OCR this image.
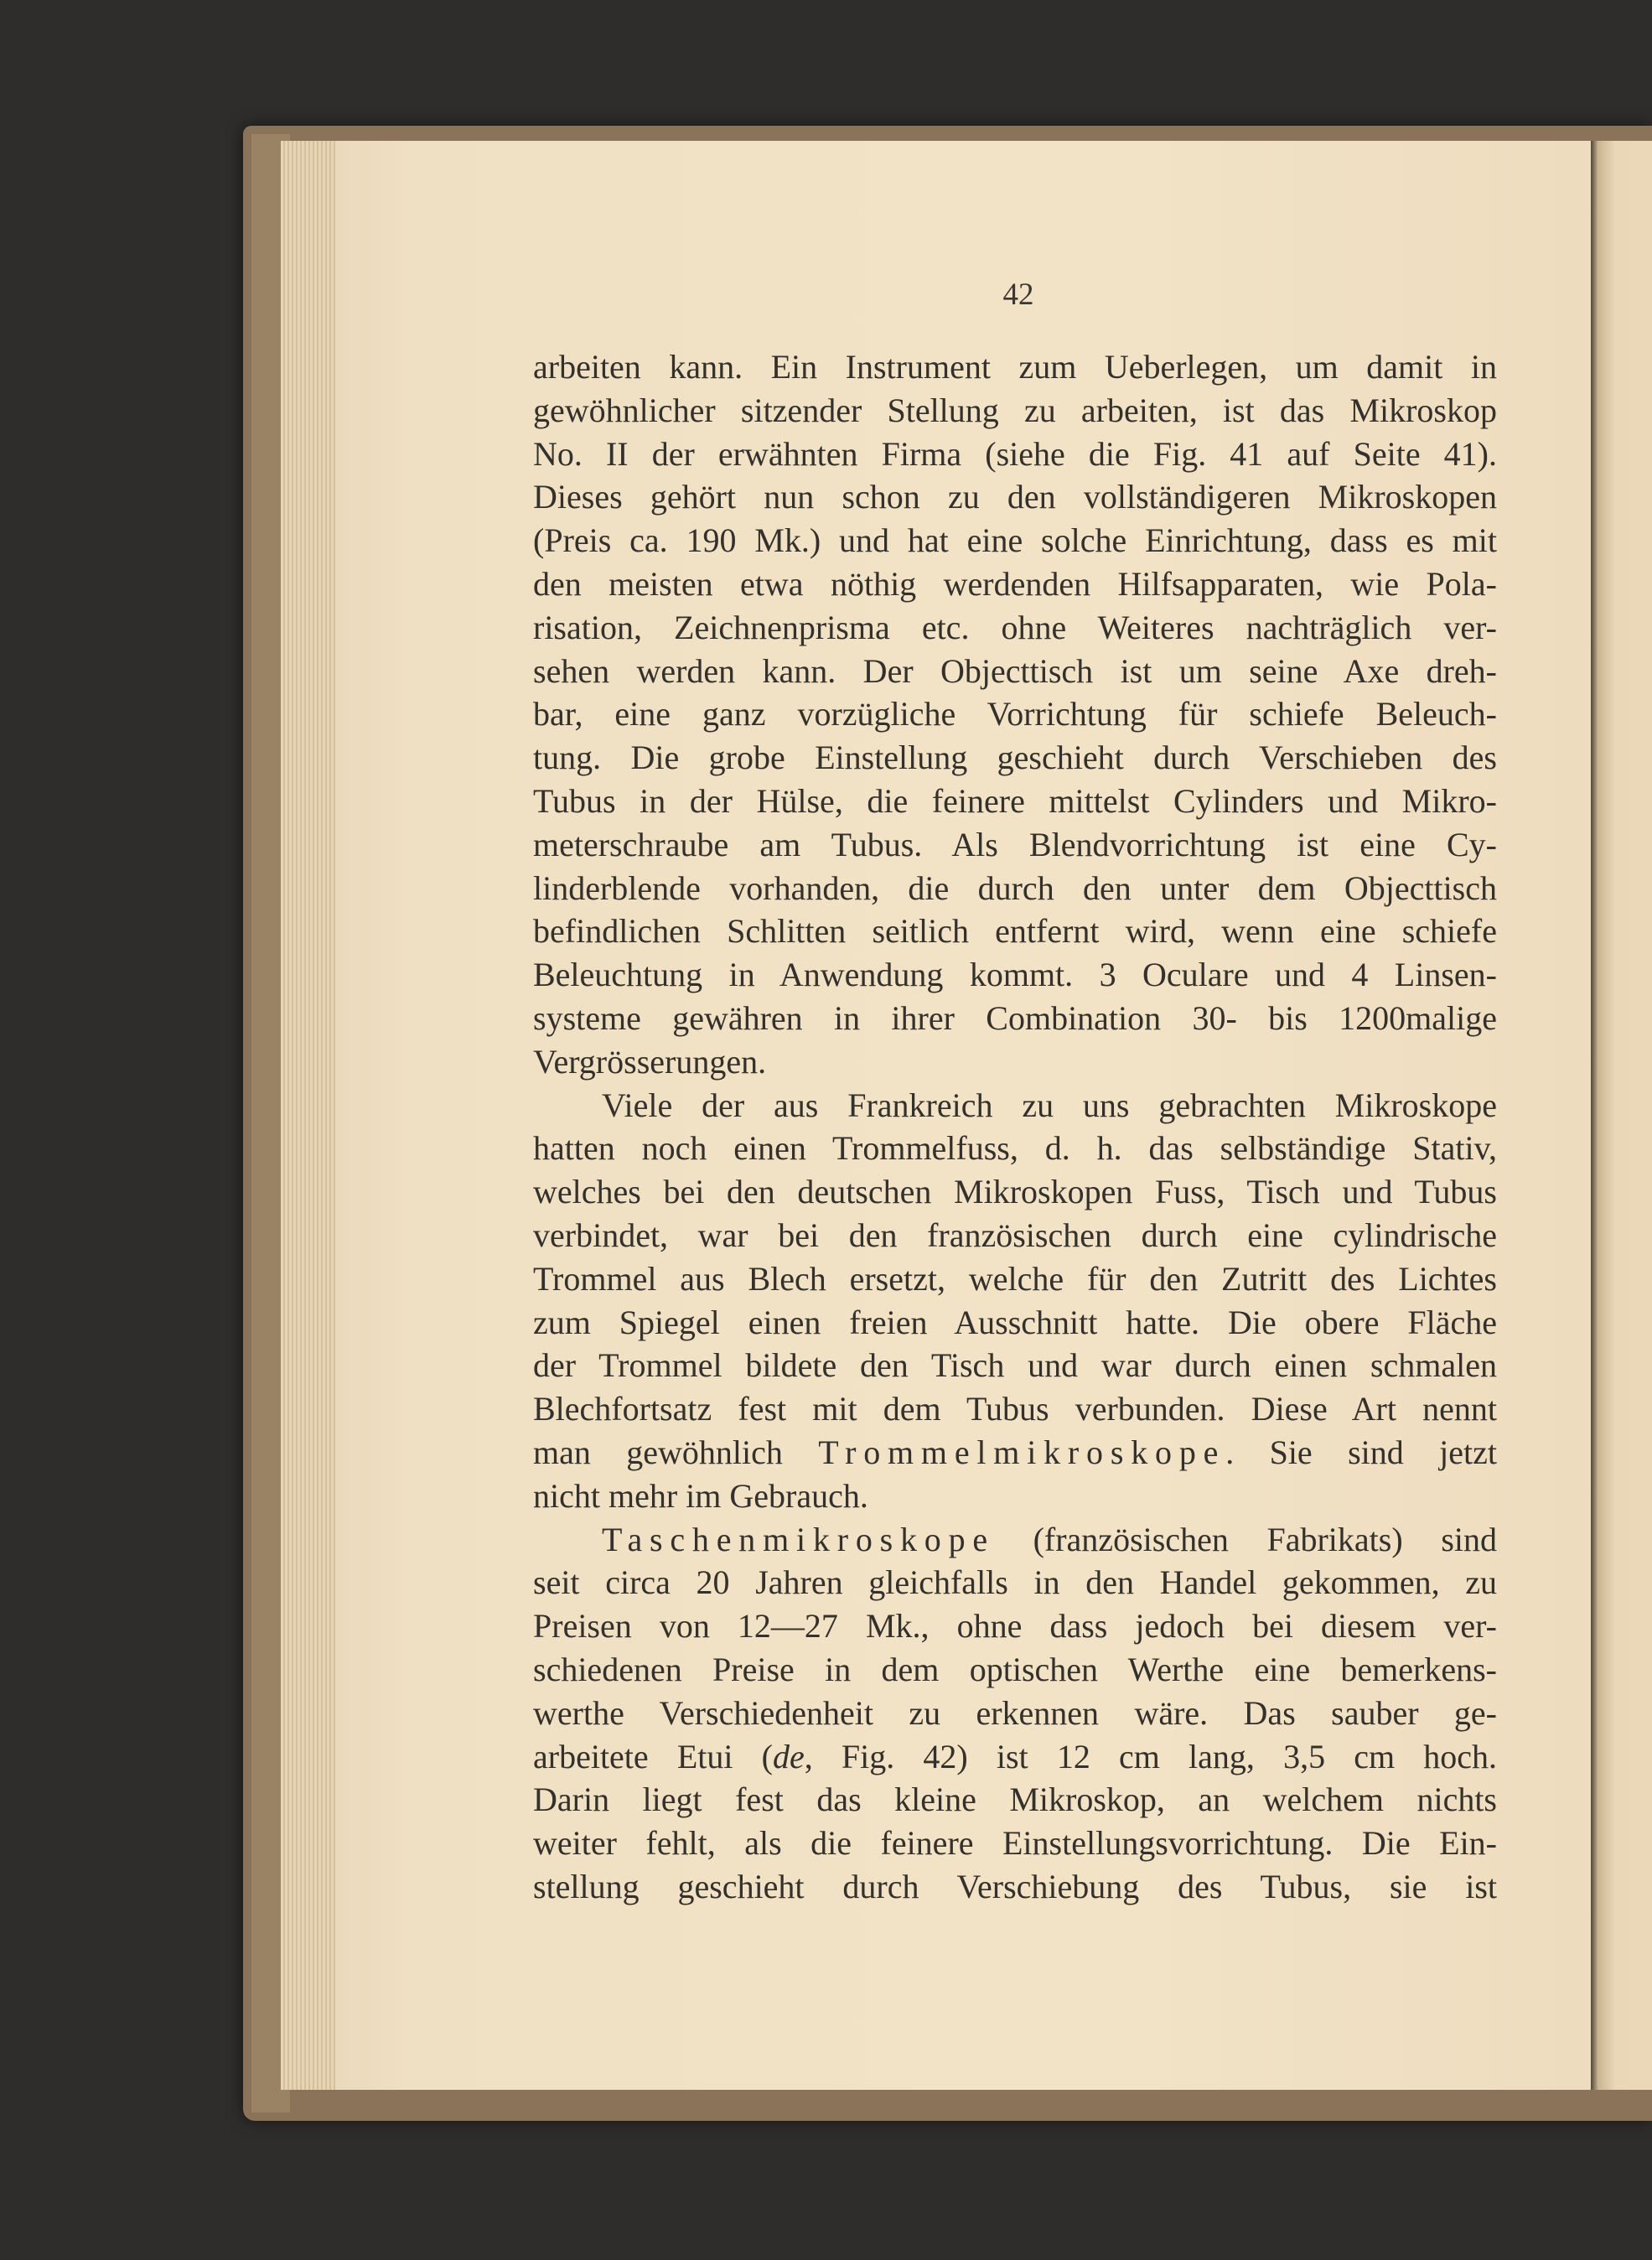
42
arbeiten kann. Ein Instrument zum Ueberlegen, um damit in
gewöhnlicher sitzender Stellung zu arbeiten, ist das Mikroskop
No. II der erwähnten Firma (siehe die Fig. 41 auf Seite 41).
Dieses gehört nun schon zu den vollständigeren Mikroskopen
(Preis ca. 190 Mk.) und hat eine solche Einrichtung, dass es mit
den meisten etwa nöthig werdenden Hilfsapparaten, wie Pola-
risation, Zeichnenprisma etc. ohne Weiteres nachträglich ver-
sehen werden kann. Der Objecttisch ist um seine Axe dreh-
bar, eine ganz vorzügliche Vorrichtung für schiefe Beleuch-
tung. Die grobe Einstellung geschieht durch Verschieben des
Tubus in der Hülse, die feinere mittelst Cylinders und Mikro-
meterschraube am Tubus. Als Blendvorrichtung ist eine Cy-
linderblende vorhanden, die durch den unter dem Objecttisch
befindlichen Schlitten seitlich entfernt wird, wenn eine schiefe
Beleuchtung in Anwendung kommt. 3 Oculare und 4 Linsen-
systeme gewähren in ihrer Combination 30- bis 1200malige
Vergrösserungen.
Viele der aus Frankreich zu uns gebrachten Mikroskope
hatten noch einen Trommelfuss, d. h. das selbständige Stativ,
welches bei den deutschen Mikroskopen Fuss, Tisch und Tubus
verbindet, war bei den französischen durch eine cylindrische
Trommel aus Blech ersetzt, welche für den Zutritt des Lichtes
zum Spiegel einen freien Ausschnitt hatte. Die obere Fläche
der Trommel bildete den Tisch und war durch einen schmalen
Blechfortsatz fest mit dem Tubus verbunden. Diese Art nennt
man gewöhnlich Trommelmikroskope. Sie sind jetzt
nicht mehr im Gebrauch.
Taschenmikroskope (französischen Fabrikats) sind
seit circa 20 Jahren gleichfalls in den Handel gekommen, zu
Preisen von 12—27 Mk., ohne dass jedoch bei diesem ver-
schiedenen Preise in dem optischen Werthe eine bemerkens-
werthe Verschiedenheit zu erkennen wäre. Das sauber ge-
arbeitete Etui (de, Fig. 42) ist 12 cm lang, 3,5 cm hoch.
Darin liegt fest das kleine Mikroskop, an welchem nichts
weiter fehlt, als die feinere Einstellungsvorrichtung. Die Ein-
stellung geschieht durch Verschiebung des Tubus, sie ist
